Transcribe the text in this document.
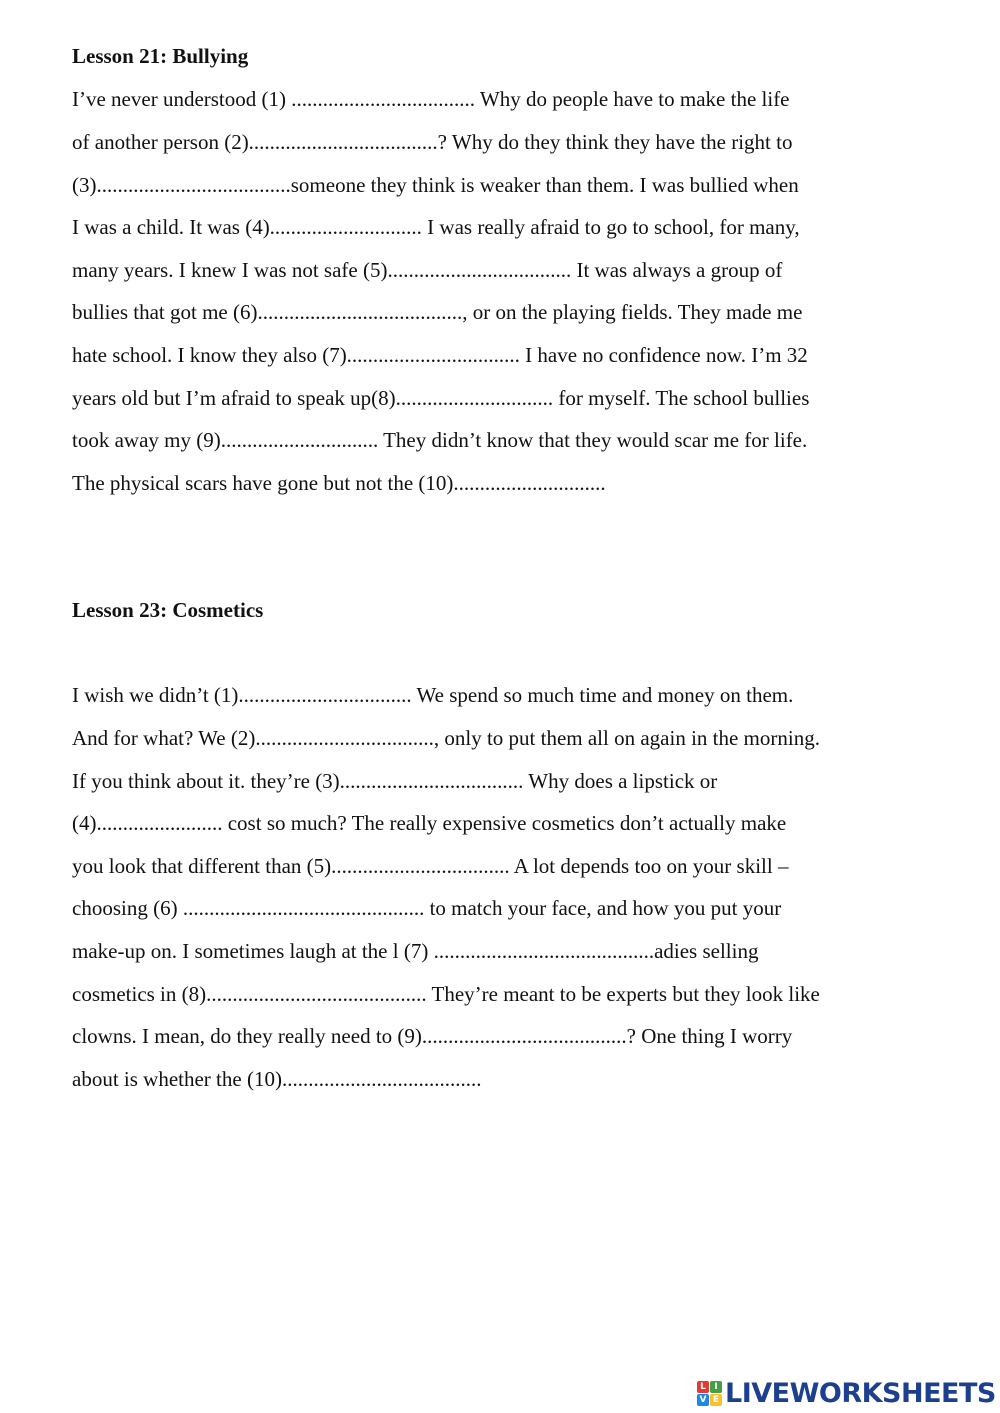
Lesson 21: Bullying
I’ve never understood (1) ................................... Why do people have to make the life
of another person (2)....................................? Why do they think they have the right to
(3).....................................someone they think is weaker than them. I was bullied when
I was a child. It was (4)............................. I was really afraid to go to school, for many,
many years. I knew I was not safe (5)................................... It was always a group of
bullies that got me (6)......................................., or on the playing fields. They made me
hate school. I know they also (7)................................. I have no confidence now. I’m 32
years old but I’m afraid to speak up(8).............................. for myself. The school bullies
took away my (9).............................. They didn’t know that they would scar me for life.
The physical scars have gone but not the (10).............................
Lesson 23: Cosmetics
I wish we didn’t (1)................................. We spend so much time and money on them.
And for what? We (2).................................., only to put them all on again in the morning.
If you think about it. they’re (3)................................... Why does a lipstick or
(4)........................ cost so much? The really expensive cosmetics don’t actually make
you look that different than (5).................................. A lot depends too on your skill –
choosing (6) .............................................. to match your face, and how you put your
make-up on. I sometimes laugh at the l (7) ..........................................adies selling
cosmetics in (8).......................................... They’re meant to be experts but they look like
clowns. I mean, do they really need to (9).......................................? One thing I worry
about is whether the (10)......................................
L I
V E LIVEWORKSHEETS
